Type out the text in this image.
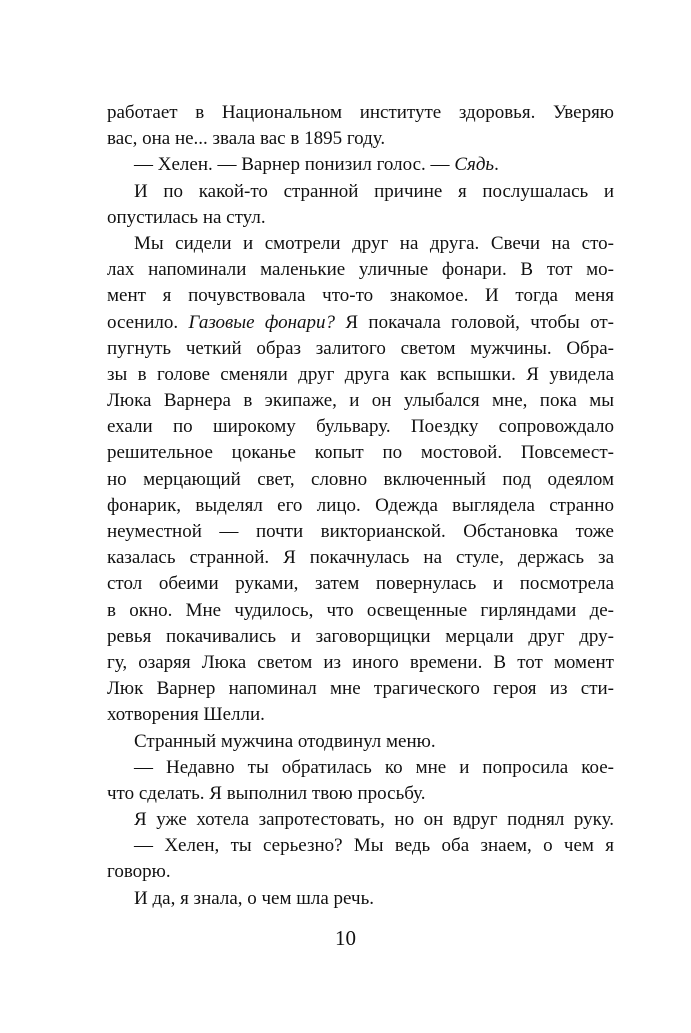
работает в Национальном институте здоровья. Уверяю
вас, она не... звала вас в 1895 году.
— Хелен. — Варнер понизил голос. — Сядь.
И по какой-то странной причине я послушалась и
опустилась на стул.
Мы сидели и смотрели друг на друга. Свечи на сто-
лах напоминали маленькие уличные фонари. В тот мо-
мент я почувствовала что-то знакомое. И тогда меня
осенило. Газовые фонари? Я покачала головой, чтобы от-
пугнуть четкий образ залитого светом мужчины. Обра-
зы в голове сменяли друг друга как вспышки. Я увидела
Люка Варнера в экипаже, и он улыбался мне, пока мы
ехали по широкому бульвару. Поездку сопровождало
решительное цоканье копыт по мостовой. Повсемест-
но мерцающий свет, словно включенный под одеялом
фонарик, выделял его лицо. Одежда выглядела странно
неуместной — почти викторианской. Обстановка тоже
казалась странной. Я покачнулась на стуле, держась за
стол обеими руками, затем повернулась и посмотрела
в окно. Мне чудилось, что освещенные гирляндами де-
ревья покачивались и заговорщицки мерцали друг дру-
гу, озаряя Люка светом из иного времени. В тот момент
Люк Варнер напоминал мне трагического героя из сти-
хотворения Шелли.
Странный мужчина отодвинул меню.
— Недавно ты обратилась ко мне и попросила кое-
что сделать. Я выполнил твою просьбу.
Я уже хотела запротестовать, но он вдруг поднял руку.
— Хелен, ты серьезно? Мы ведь оба знаем, о чем я
говорю.
И да, я знала, о чем шла речь.
10
